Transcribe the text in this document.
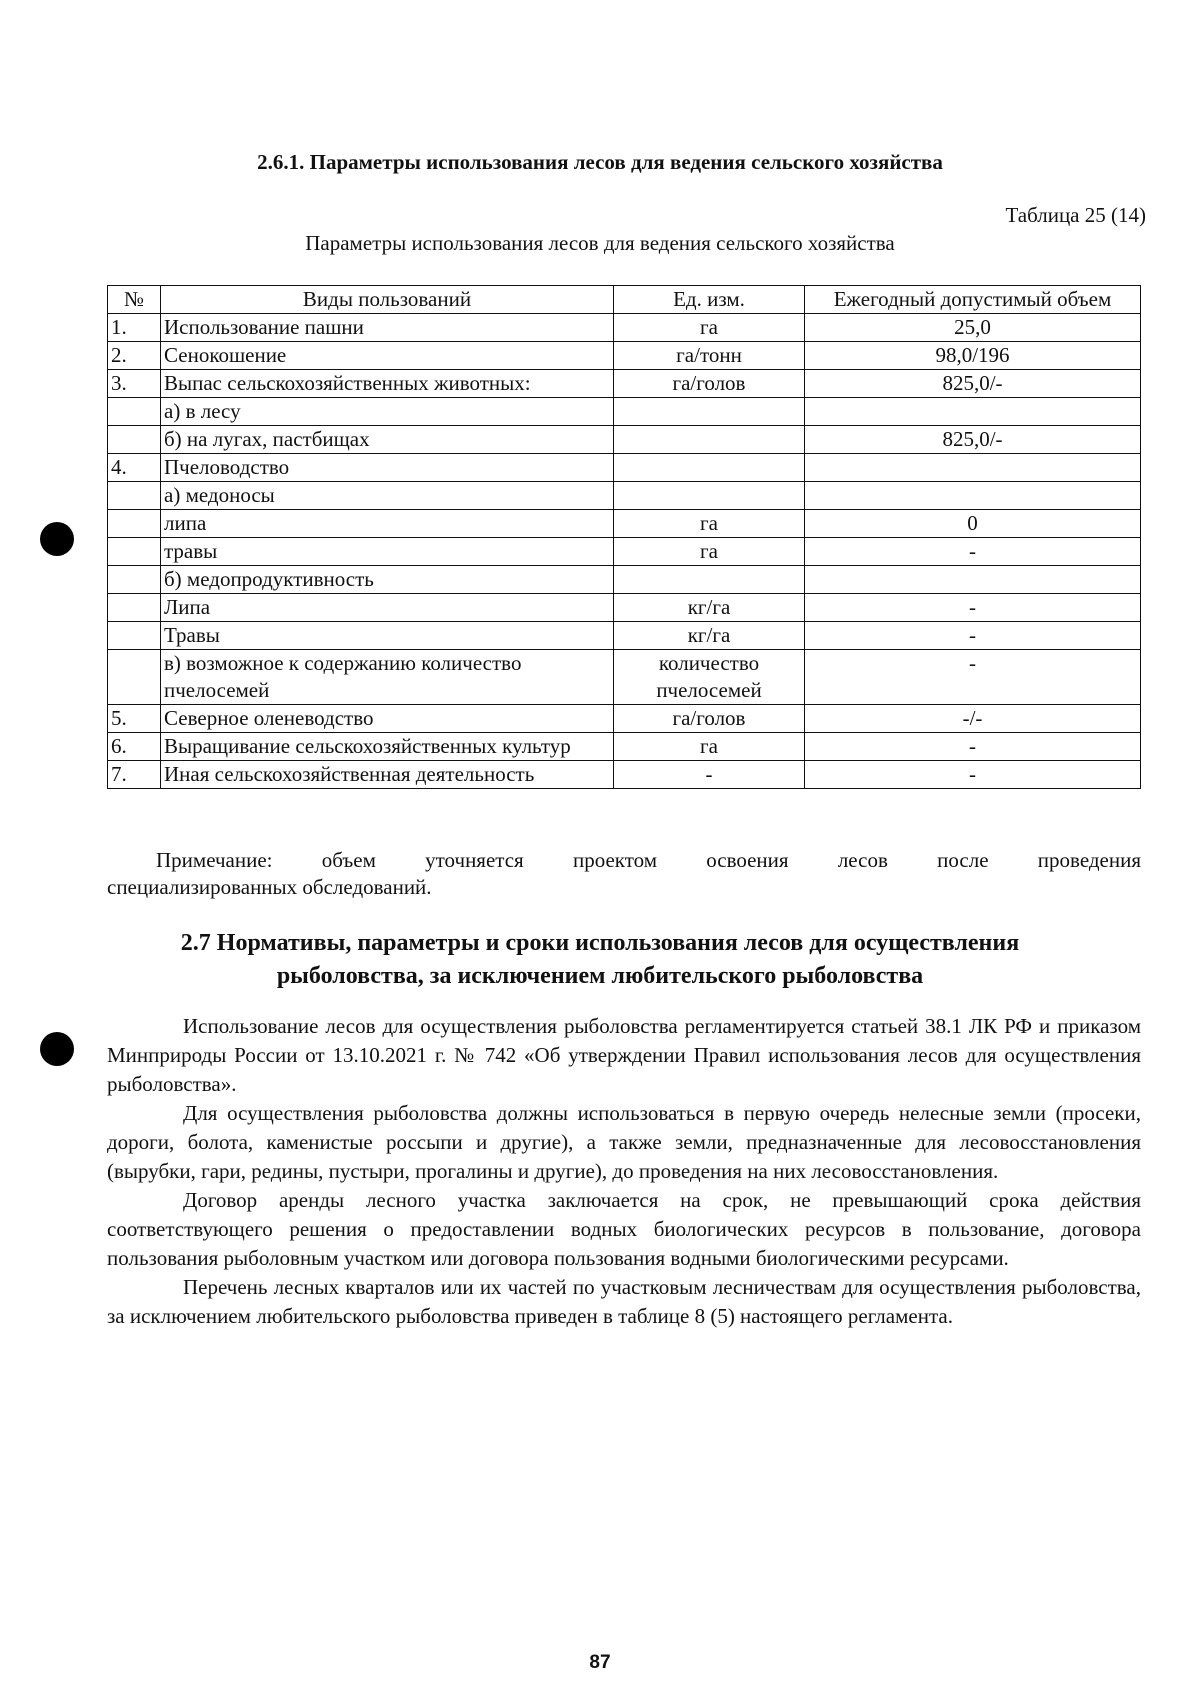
2.6.1. Параметры использования лесов для ведения сельского хозяйства
Таблица 25 (14)
Параметры использования лесов для ведения сельского хозяйства
№	Виды пользований	Ед. изм.	Ежегодный допустимый объем
1.	Использование пашни	га	25,0
2.	Сенокошение	га/тонн	98,0/196
3.	Выпас сельскохозяйственных животных:	га/голов	825,0/-
	а) в лесу		
	б) на лугах, пастбищах		825,0/-
4.	Пчеловодство		
	а) медоносы		
	липа	га	0
	травы	га	-
	б) медопродуктивность		
	Липа	кг/га	-
	Травы	кг/га	-
	в) возможное к содержанию количество пчелосемей	количество пчелосемей	-
5.	Северное оленеводство	га/голов	-/-
6.	Выращивание сельскохозяйственных культур	га	-
7.	Иная сельскохозяйственная деятельность	-	-
Примечание: объем уточняется проектом освоения лесов после проведения
специализированных обследований.
2.7 Нормативы, параметры и сроки использования лесов для осуществления
рыболовства, за исключением любительского рыболовства

Использование лесов для осуществления рыболовства регламентируется статьей 38.1 ЛК РФ и приказом Минприроды России от 13.10.2021 г. № 742 «Об утверждении Правил использования лесов для осуществления рыболовства».

Для осуществления рыболовства должны использоваться в первую очередь нелесные земли (просеки, дороги, болота, каменистые россыпи и другие), а также земли, предназначенные для лесовосстановления (вырубки, гари, редины, пустыри, прогалины и другие), до проведения на них лесовосстановления.

Договор аренды лесного участка заключается на срок, не превышающий срока действия соответствующего решения о предоставлении водных биологических ресурсов в пользование, договора пользования рыболовным участком или договора пользования водными биологическими ресурсами.

Перечень лесных кварталов или их частей по участковым лесничествам для осуществления рыболовства, за исключением любительского рыболовства приведен в таблице 8 (5) настоящего регламента.

87
